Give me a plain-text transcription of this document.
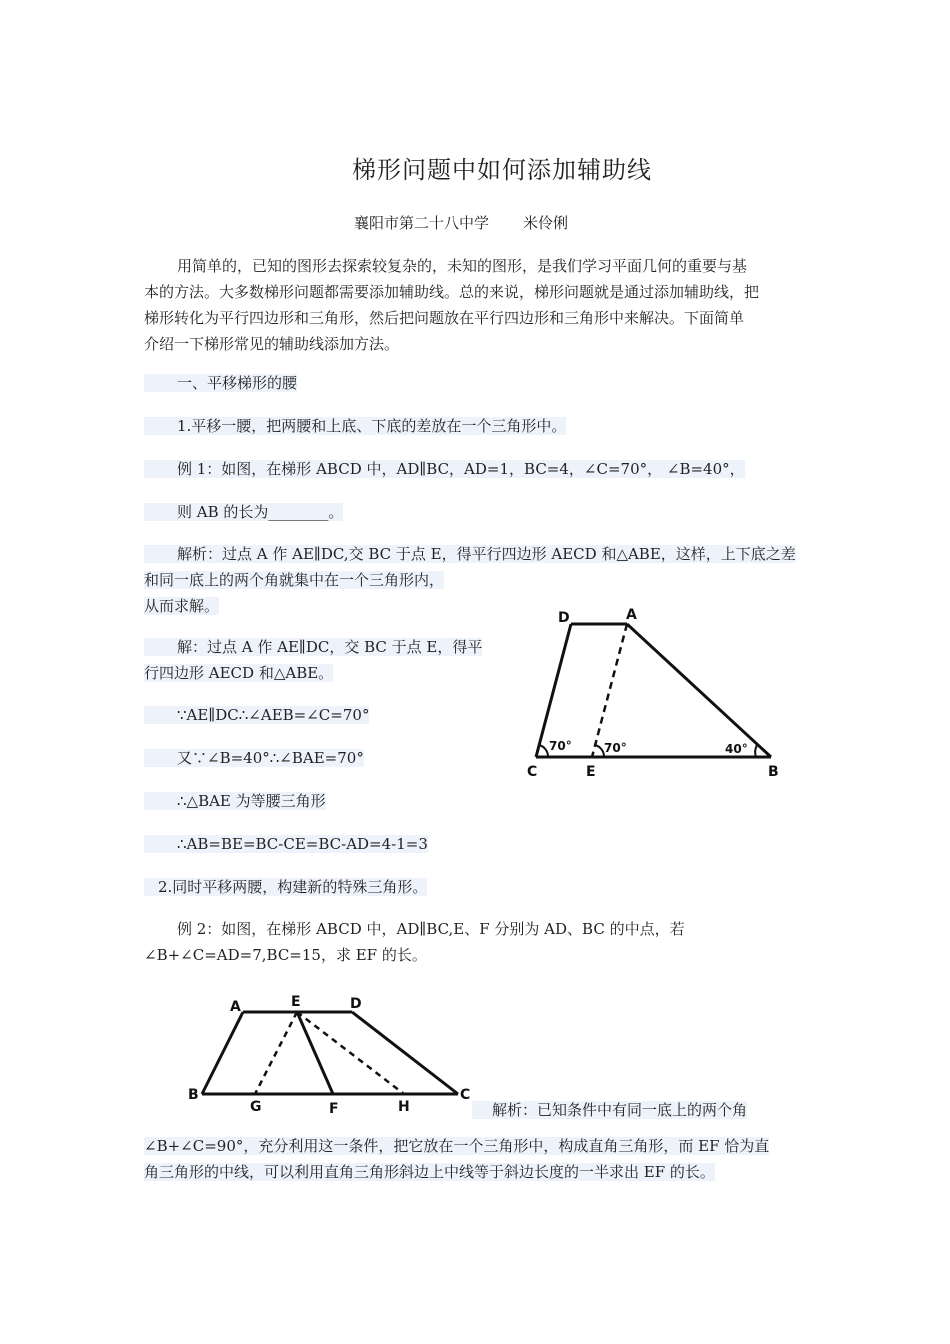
梯形问题中如何添加辅助线
襄阳市第二十八中学 米伶俐
用简单的，已知的图形去探索较复杂的，未知的图形，是我们学习平面几何的重要与基
本的方法。大多数梯形问题都需要添加辅助线。总的来说，梯形问题就是通过添加辅助线，把
梯形转化为平行四边形和三角形，然后把问题放在平行四边形和三角形中来解决。下面简单
介绍一下梯形常见的辅助线添加方法。
一、平移梯形的腰
1.平移一腰，把两腰和上底、下底的差放在一个三角形中。
例 1：如图，在梯形 ABCD 中，AD∥BC，AD=1，BC=4，∠C=70°， ∠B=40°，
则 AB 的长为________。
解析：过点 A 作 AE∥DC,交 BC 于点 E，得平行四边形 AECD 和△ABE，这样，上下底之差
和同一底上的两个角就集中在一个三角形内，
从而求解。
解：过点 A 作 AE∥DC，交 BC 于点 E，得平
行四边形 AECD 和△ABE。
∵AE∥DC∴∠AEB=∠C=70°
又∵∠B=40°∴∠BAE=70°
∴△BAE 为等腰三角形
∴AB=BE=BC-CE=BC-AD=4-1=3
D	A
C	E	B
70°	70°	40°
2.同时平移两腰，构建新的特殊三角形。
例 2：如图，在梯形 ABCD 中，AD∥BC,E、F 分别为 AD、BC 的中点，若
∠B+∠C=AD=7,BC=15，求 EF 的长。
A	E	D
B
G	F	H
C
解析：已知条件中有同一底上的两个角
∠B+∠C=90°，充分利用这一条件，把它放在一个三角形中，构成直角三角形，而 EF 恰为直
角三角形的中线，可以利用直角三角形斜边上中线等于斜边长度的一半求出 EF 的长。
